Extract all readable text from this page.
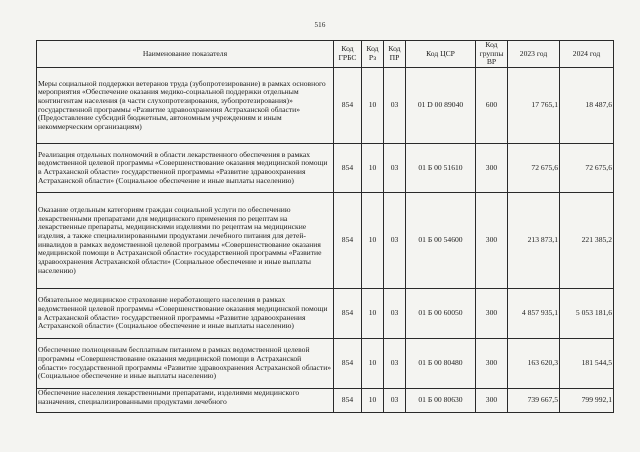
516
Наименование показателя	Код ГРБС	Код Рз	Код ПР	Код ЦСР	Код группы ВР	2023 год	2024 год
Меры социальной поддержки ветеранов труда (зубопротезирование) в рамках основного мероприятия «Обеспечение оказания медико-социальной поддержки отдельным контингентам населения (в части слухопротезирования, зубопротезирования)» государственной программы «Развитие здравоохранения Астраханской области» (Предоставление субсидий бюджетным, автономным учреждениям и иным некоммерческим организациям)	854	10	03	01 D 00 89040	600	17 765,1	18 487,6
Реализация отдельных полномочий в области лекарственного обеспечения в рамках ведомственной целевой программы «Совершенствование оказания медицинской помощи в Астраханской области» государственной программы «Развитие здравоохранения Астраханской области» (Социальное обеспечение и иные выплаты населению)	854	10	03	01 Б 00 51610	300	72 675,6	72 675,6
Оказание отдельным категориям граждан социальной услуги по обеспечению лекарственными препаратами для медицинского применения по рецептам на лекарственные препараты, медицинскими изделиями по рецептам на медицинские изделия, а также специализированными продуктами лечебного питания для детей-инвалидов в рамках ведомственной целевой программы «Совершенствование оказания медицинской помощи в Астраханской области» государственной программы «Развитие здравоохранения Астраханской области» (Социальное обеспечение и иные выплаты населению)	854	10	03	01 Б 00 54600	300	213 873,1	221 385,2
Обязательное медицинское страхование неработающего населения в рамках ведомственной целевой программы «Совершенствование оказания медицинской помощи в Астраханской области» государственной программы «Развитие здравоохранения Астраханской области» (Социальное обеспечение и иные выплаты населению)	854	10	03	01 Б 00 60050	300	4 857 935,1	5 053 181,6
Обеспечение полноценным бесплатным питанием в рамках ведомственной целевой программы «Совершенствование оказания медицинской помощи в Астраханской области» государственной программы «Развитие здравоохранения Астраханской области» (Социальное обеспечение и иные выплаты населению)	854	10	03	01 Б 00 80480	300	163 620,3	181 544,5
Обеспечение населения лекарственными препаратами, изделиями медицинского назначения, специализированными продуктами лечебного	854	10	03	01 Б 00 80630	300	739 667,5	799 992,1
